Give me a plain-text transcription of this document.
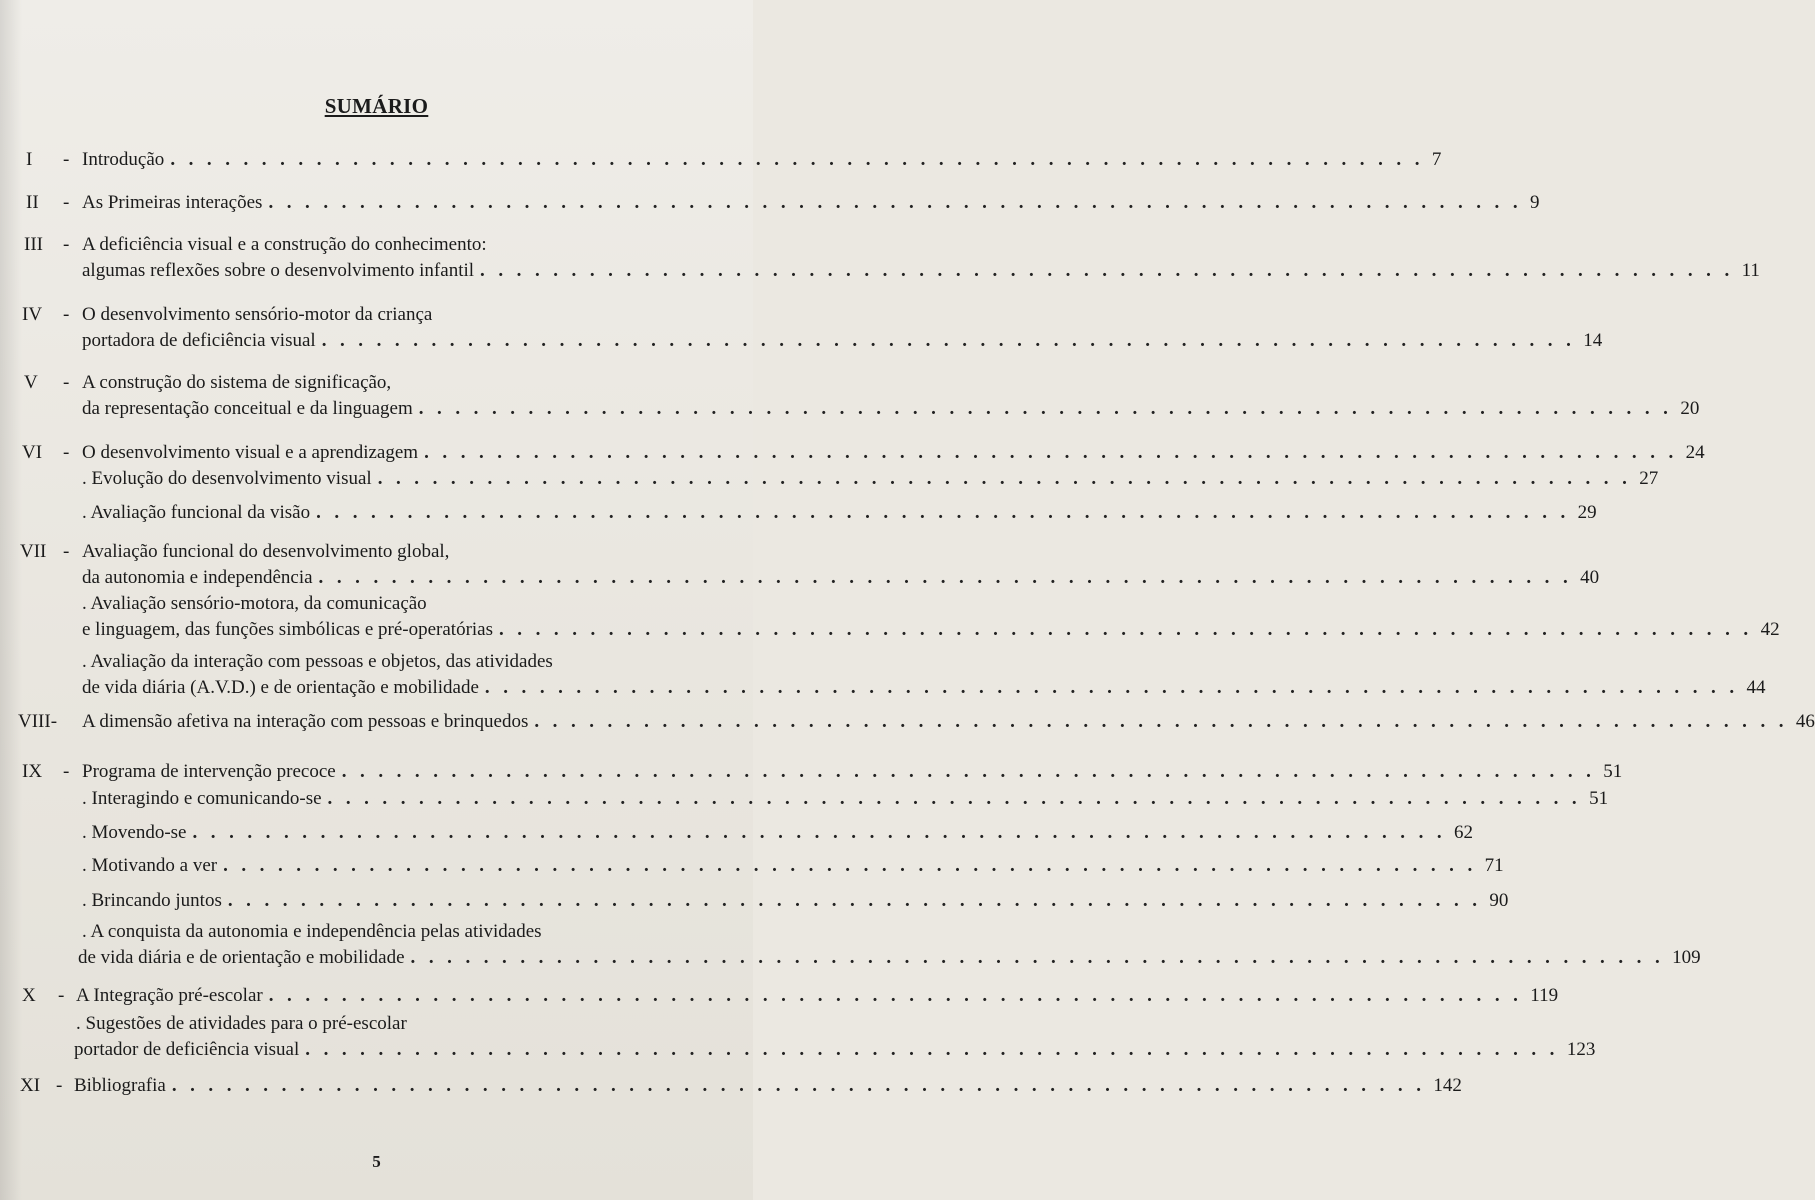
SUMÁRIO
I - Introdução . . . . . . . . . . . . . . . . . . . . . . . . . . . . . . . . . . . . . . . . . . . . . . . . . . . . . . . . . . . . . . . . . . . . . 7
II - As Primeiras interações . . . . . . . . . . . . . . . . . . . . . . . . . . . . . . . . . . . . . . . . . . . . . . . . . . . . . . . . . . . . . . . . . . . . . 9
III - A deficiência visual e a construção do conhecimento:
algumas reflexões sobre o desenvolvimento infantil . . . . . . . . . . . . . . . . . . . . . . . . . . . . . . . . . . . . . . . . . . . . . . . . . . . . . . . . . . . . . . . . . . . . . 11
IV - O desenvolvimento sensório-motor da criança
portadora de deficiência visual . . . . . . . . . . . . . . . . . . . . . . . . . . . . . . . . . . . . . . . . . . . . . . . . . . . . . . . . . . . . . . . . . . . . . 14
V - A construção do sistema de significação,
da representação conceitual e da linguagem . . . . . . . . . . . . . . . . . . . . . . . . . . . . . . . . . . . . . . . . . . . . . . . . . . . . . . . . . . . . . . . . . . . . . 20
VI - O desenvolvimento visual e a aprendizagem . . . . . . . . . . . . . . . . . . . . . . . . . . . . . . . . . . . . . . . . . . . . . . . . . . . . . . . . . . . . . . . . . . . . . 24
. Evolução do desenvolvimento visual . . . . . . . . . . . . . . . . . . . . . . . . . . . . . . . . . . . . . . . . . . . . . . . . . . . . . . . . . . . . . . . . . . . . . 27
. Avaliação funcional da visão . . . . . . . . . . . . . . . . . . . . . . . . . . . . . . . . . . . . . . . . . . . . . . . . . . . . . . . . . . . . . . . . . . . . . 29
VII - Avaliação funcional do desenvolvimento global,
da autonomia e independência . . . . . . . . . . . . . . . . . . . . . . . . . . . . . . . . . . . . . . . . . . . . . . . . . . . . . . . . . . . . . . . . . . . . . 40
. Avaliação sensório-motora, da comunicação
e linguagem, das funções simbólicas e pré-operatórias . . . . . . . . . . . . . . . . . . . . . . . . . . . . . . . . . . . . . . . . . . . . . . . . . . . . . . . . . . . . . . . . . . . . . 42
. Avaliação da interação com pessoas e objetos, das atividades
de vida diária (A.V.D.) e de orientação e mobilidade . . . . . . . . . . . . . . . . . . . . . . . . . . . . . . . . . . . . . . . . . . . . . . . . . . . . . . . . . . . . . . . . . . . . . 44
VIII- A dimensão afetiva na interação com pessoas e brinquedos . . . . . . . . . . . . . . . . . . . . . . . . . . . . . . . . . . . . . . . . . . . . . . . . . . . . . . . . . . . . . . . . . . . . . 46
IX - Programa de intervenção precoce . . . . . . . . . . . . . . . . . . . . . . . . . . . . . . . . . . . . . . . . . . . . . . . . . . . . . . . . . . . . . . . . . . . . . 51
. Interagindo e comunicando-se . . . . . . . . . . . . . . . . . . . . . . . . . . . . . . . . . . . . . . . . . . . . . . . . . . . . . . . . . . . . . . . . . . . . . 51
. Movendo-se . . . . . . . . . . . . . . . . . . . . . . . . . . . . . . . . . . . . . . . . . . . . . . . . . . . . . . . . . . . . . . . . . . . . . 62
. Motivando a ver . . . . . . . . . . . . . . . . . . . . . . . . . . . . . . . . . . . . . . . . . . . . . . . . . . . . . . . . . . . . . . . . . . . . . 71
. Brincando juntos . . . . . . . . . . . . . . . . . . . . . . . . . . . . . . . . . . . . . . . . . . . . . . . . . . . . . . . . . . . . . . . . . . . . . 90
. A conquista da autonomia e independência pelas atividades
de vida diária e de orientação e mobilidade . . . . . . . . . . . . . . . . . . . . . . . . . . . . . . . . . . . . . . . . . . . . . . . . . . . . . . . . . . . . . . . . . . . . . 109
X - A Integração pré-escolar . . . . . . . . . . . . . . . . . . . . . . . . . . . . . . . . . . . . . . . . . . . . . . . . . . . . . . . . . . . . . . . . . . . . . 119
. Sugestões de atividades para o pré-escolar
portador de deficiência visual . . . . . . . . . . . . . . . . . . . . . . . . . . . . . . . . . . . . . . . . . . . . . . . . . . . . . . . . . . . . . . . . . . . . . 123
XI - Bibliografia . . . . . . . . . . . . . . . . . . . . . . . . . . . . . . . . . . . . . . . . . . . . . . . . . . . . . . . . . . . . . . . . . . . . . 142
5
